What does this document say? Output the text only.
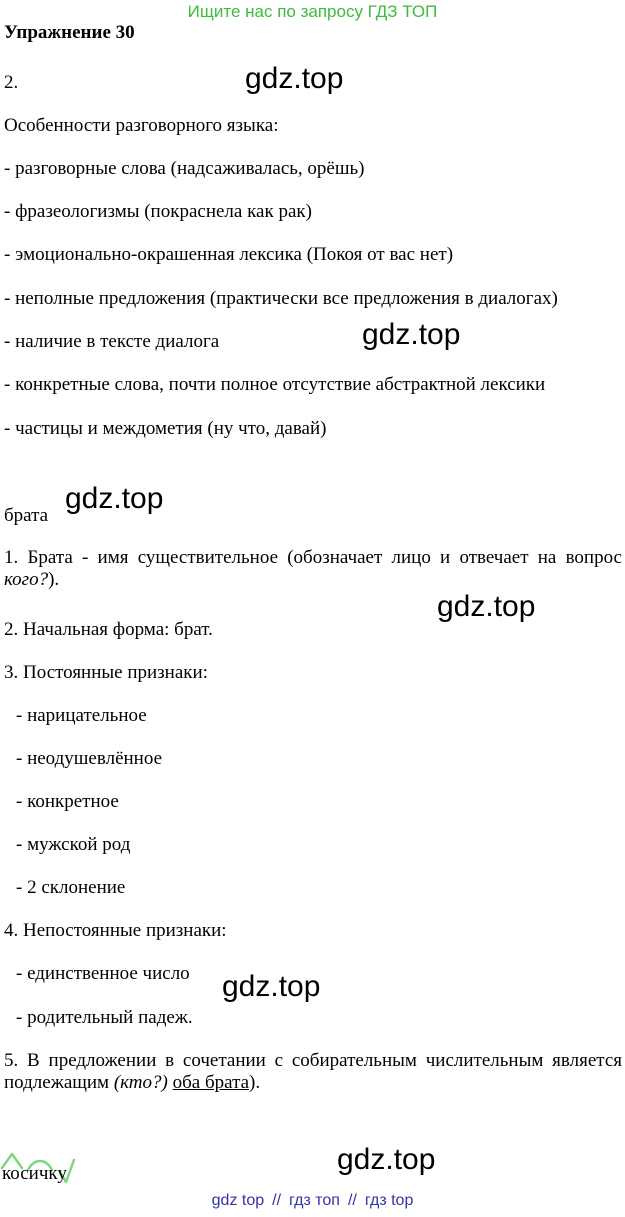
Ищите нас по запросу ГДЗ ТОП
Упражнение 30
2.	gdz.top
Особенности разговорного языка:
- разговорные слова (надсаживалась, орёшь)
- фразеологизмы (покраснела как рак)
- эмоционально-окрашенная лексика (Покоя от вас нет)
- неполные предложения (практически все предложения в диалогах)
- наличие в тексте диалога	gdz.top
- конкретные слова, почти полное отсутствие абстрактной лексики
- частицы и междометия (ну что, давай)
брата
gdz.top
1. Брата - имя существительное (обозначает лицо и отвечает на вопрос кого?).
gdz.top
2. Начальная форма: брат.
3. Постоянные признаки:
- нарицательное
- неодушевлённое
- конкретное
- мужской род
- 2 склонение
4. Непостоянные признаки:
- единственное число gdz.top
- родительный падеж.
5. В предложении в сочетании с собирательным числительным является подлежащим (кто?) оба брата).
косичку	gdz.top
gdz top // гдз топ // гдз top
